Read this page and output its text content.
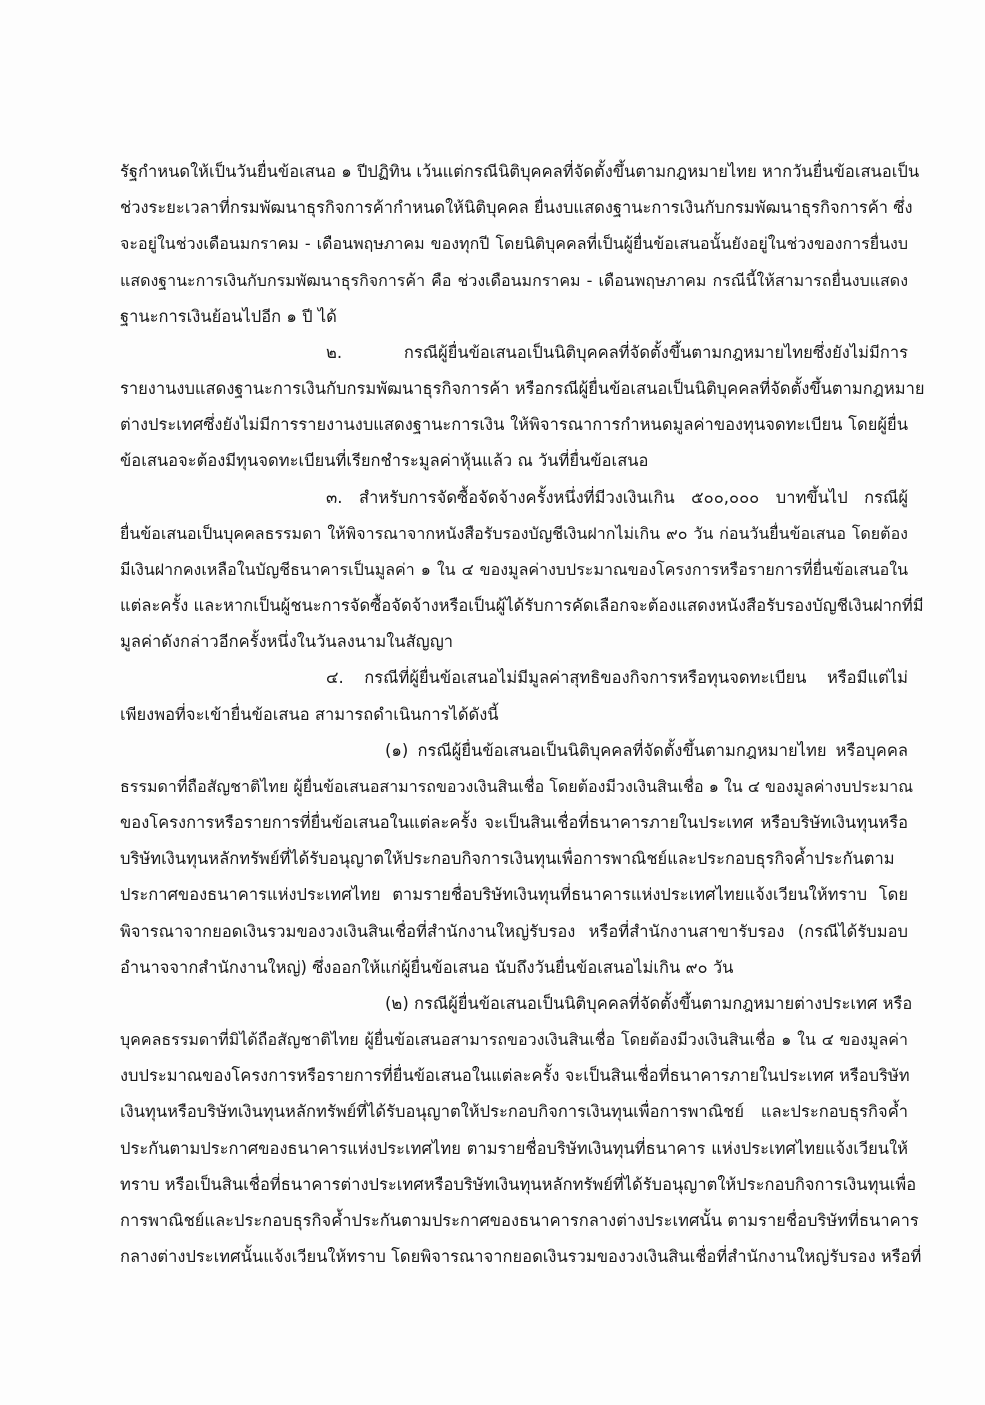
รัฐกำหนดให้เป็นวันยื่นข้อเสนอ ๑ ปีปฏิทิน เว้นแต่กรณีนิติบุคคลที่จัดตั้งขึ้นตามกฎหมายไทย หากวันยื่นข้อเสนอเป็น
ช่วงระยะเวลาที่กรมพัฒนาธุรกิจการค้ากำหนดให้นิติบุคคล ยื่นงบแสดงฐานะการเงินกับกรมพัฒนาธุรกิจการค้า ซึ่ง
จะอยู่ในช่วงเดือนมกราคม - เดือนพฤษภาคม ของทุกปี โดยนิติบุคคลที่เป็นผู้ยื่นข้อเสนอนั้นยังอยู่ในช่วงของการยื่นงบ
แสดงฐานะการเงินกับกรมพัฒนาธุรกิจการค้า คือ ช่วงเดือนมกราคม - เดือนพฤษภาคม กรณีนี้ให้สามารถยื่นงบแสดง
ฐานะการเงินย้อนไปอีก ๑ ปี ได้
๒. กรณีผู้ยื่นข้อเสนอเป็นนิติบุคคลที่จัดตั้งขึ้นตามกฎหมายไทยซึ่งยังไม่มีการ
รายงานงบแสดงฐานะการเงินกับกรมพัฒนาธุรกิจการค้า หรือกรณีผู้ยื่นข้อเสนอเป็นนิติบุคคลที่จัดตั้งขึ้นตามกฎหมาย
ต่างประเทศซึ่งยังไม่มีการรายงานงบแสดงฐานะการเงิน ให้พิจารณาการกำหนดมูลค่าของทุนจดทะเบียน โดยผู้ยื่น
ข้อเสนอจะต้องมีทุนจดทะเบียนที่เรียกชำระมูลค่าหุ้นแล้ว ณ วันที่ยื่นข้อเสนอ
๓. สำหรับการจัดซื้อจัดจ้างครั้งหนึ่งที่มีวงเงินเกิน ๕๐๐,๐๐๐ บาทขึ้นไป กรณีผู้
ยื่นข้อเสนอเป็นบุคคลธรรมดา ให้พิจารณาจากหนังสือรับรองบัญชีเงินฝากไม่เกิน ๙๐ วัน ก่อนวันยื่นข้อเสนอ โดยต้อง
มีเงินฝากคงเหลือในบัญชีธนาคารเป็นมูลค่า ๑ ใน ๔ ของมูลค่างบประมาณของโครงการหรือรายการที่ยื่นข้อเสนอใน
แต่ละครั้ง และหากเป็นผู้ชนะการจัดซื้อจัดจ้างหรือเป็นผู้ได้รับการคัดเลือกจะต้องแสดงหนังสือรับรองบัญชีเงินฝากที่มี
มูลค่าดังกล่าวอีกครั้งหนึ่งในวันลงนามในสัญญา
๔. กรณีที่ผู้ยื่นข้อเสนอไม่มีมูลค่าสุทธิของกิจการหรือทุนจดทะเบียน หรือมีแต่ไม่
เพียงพอที่จะเข้ายื่นข้อเสนอ สามารถดำเนินการได้ดังนี้
(๑) กรณีผู้ยื่นข้อเสนอเป็นนิติบุคคลที่จัดตั้งขึ้นตามกฎหมายไทย หรือบุคคล
ธรรมดาที่ถือสัญชาติไทย ผู้ยื่นข้อเสนอสามารถขอวงเงินสินเชื่อ โดยต้องมีวงเงินสินเชื่อ ๑ ใน ๔ ของมูลค่างบประมาณ
ของโครงการหรือรายการที่ยื่นข้อเสนอในแต่ละครั้ง จะเป็นสินเชื่อที่ธนาคารภายในประเทศ หรือบริษัทเงินทุนหรือ
บริษัทเงินทุนหลักทรัพย์ที่ได้รับอนุญาตให้ประกอบกิจการเงินทุนเพื่อการพาณิชย์และประกอบธุรกิจค้ำประกันตาม
ประกาศของธนาคารแห่งประเทศไทย ตามรายชื่อบริษัทเงินทุนที่ธนาคารแห่งประเทศไทยแจ้งเวียนให้ทราบ โดย
พิจารณาจากยอดเงินรวมของวงเงินสินเชื่อที่สำนักงานใหญ่รับรอง หรือที่สำนักงานสาขารับรอง (กรณีได้รับมอบ
อำนาจจากสำนักงานใหญ่) ซึ่งออกให้แก่ผู้ยื่นข้อเสนอ นับถึงวันยื่นข้อเสนอไม่เกิน ๙๐ วัน
(๒) กรณีผู้ยื่นข้อเสนอเป็นนิติบุคคลที่จัดตั้งขึ้นตามกฎหมายต่างประเทศ หรือ
บุคคลธรรมดาที่มิได้ถือสัญชาติไทย ผู้ยื่นข้อเสนอสามารถขอวงเงินสินเชื่อ โดยต้องมีวงเงินสินเชื่อ ๑ ใน ๔ ของมูลค่า
งบประมาณของโครงการหรือรายการที่ยื่นข้อเสนอในแต่ละครั้ง จะเป็นสินเชื่อที่ธนาคารภายในประเทศ หรือบริษัท
เงินทุนหรือบริษัทเงินทุนหลักทรัพย์ที่ได้รับอนุญาตให้ประกอบกิจการเงินทุนเพื่อการพาณิชย์ และประกอบธุรกิจค้ำ
ประกันตามประกาศของธนาคารแห่งประเทศไทย ตามรายชื่อบริษัทเงินทุนที่ธนาคาร แห่งประเทศไทยแจ้งเวียนให้
ทราบ หรือเป็นสินเชื่อที่ธนาคารต่างประเทศหรือบริษัทเงินทุนหลักทรัพย์ที่ได้รับอนุญาตให้ประกอบกิจการเงินทุนเพื่อ
การพาณิชย์และประกอบธุรกิจค้ำประกันตามประกาศของธนาคารกลางต่างประเทศนั้น ตามรายชื่อบริษัทที่ธนาคาร
กลางต่างประเทศนั้นแจ้งเวียนให้ทราบ โดยพิจารณาจากยอดเงินรวมของวงเงินสินเชื่อที่สำนักงานใหญ่รับรอง หรือที่
